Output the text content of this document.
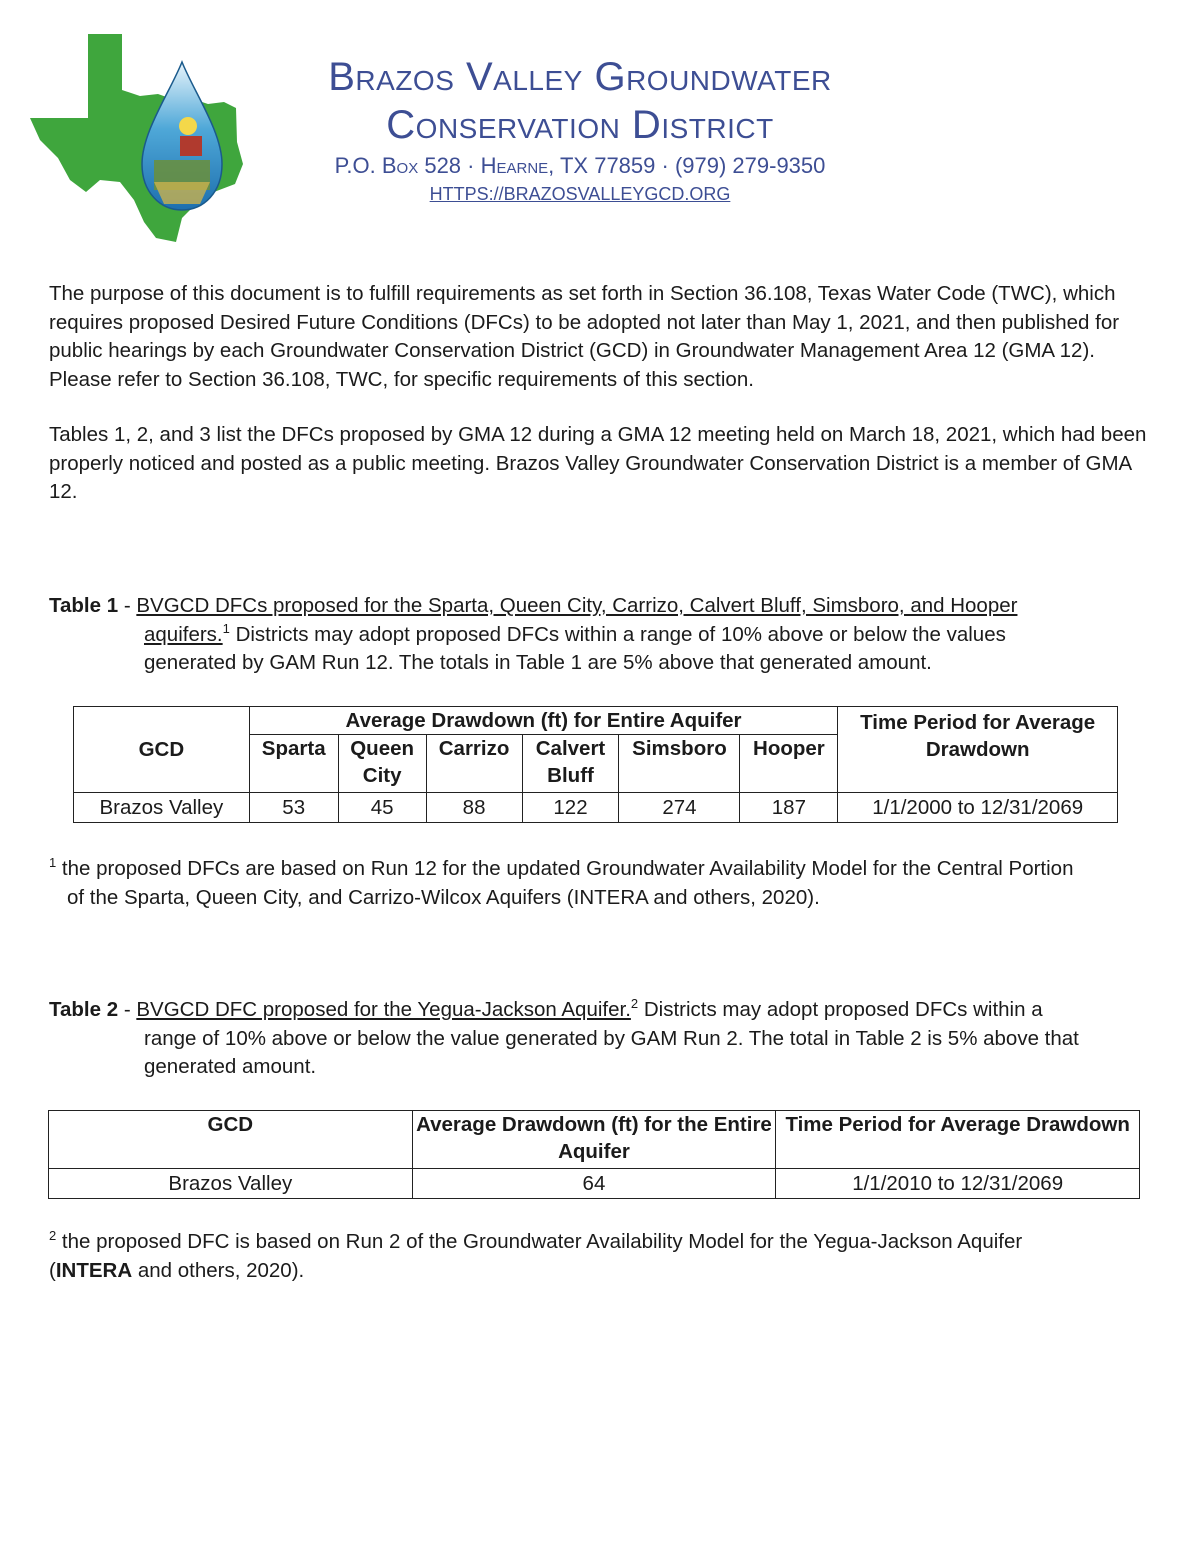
Brazos Valley Groundwater
Conservation District
P.O. Box 528 · Hearne, TX 77859 · (979) 279-9350
HTTPS://BRAZOSVALLEYGCD.ORG
The purpose of this document is to fulfill requirements as set forth in Section 36.108, Texas Water Code (TWC), which requires proposed Desired Future Conditions (DFCs) to be adopted not later than May 1, 2021, and then published for public hearings by each Groundwater Conservation District (GCD) in Groundwater Management Area 12 (GMA 12). Please refer to Section 36.108, TWC, for specific requirements of this section.
Tables 1, 2, and 3 list the DFCs proposed by GMA 12 during a GMA 12 meeting held on March 18, 2021, which had been properly noticed and posted as a public meeting. Brazos Valley Groundwater Conservation District is a member of GMA 12.
Table 1 - BVGCD DFCs proposed for the Sparta, Queen City, Carrizo, Calvert Bluff, Simsboro, and Hooper
aquifers.$^1$ Districts may adopt proposed DFCs within a range of 10% above or below the values
generated by GAM Run 12. The totals in Table 1 are 5% above that generated amount.
GCD	Average Drawdown (ft) for Entire Aquifer						Time Period for Average Drawdown
	Sparta	Queen City	Carrizo	Calvert Bluff	Simsboro	Hooper	
Brazos Valley	53	45	88	122	274	187	1/1/2000 to 12/31/2069
$^1$ the proposed DFCs are based on Run 12 for the updated Groundwater Availability Model for the Central Portion
of the Sparta, Queen City, and Carrizo-Wilcox Aquifers (INTERA and others, 2020).
Table 2 - BVGCD DFC proposed for the Yegua-Jackson Aquifer.$^2$ Districts may adopt proposed DFCs within a
range of 10% above or below the value generated by GAM Run 2. The total in Table 2 is 5% above that
generated amount.
GCD	Average Drawdown (ft) for the Entire Aquifer	Time Period for Average Drawdown
Brazos Valley	64	1/1/2010 to 12/31/2069
$^2$ the proposed DFC is based on Run 2 of the Groundwater Availability Model for the Yegua-Jackson Aquifer
(INTERA and others, 2020).
